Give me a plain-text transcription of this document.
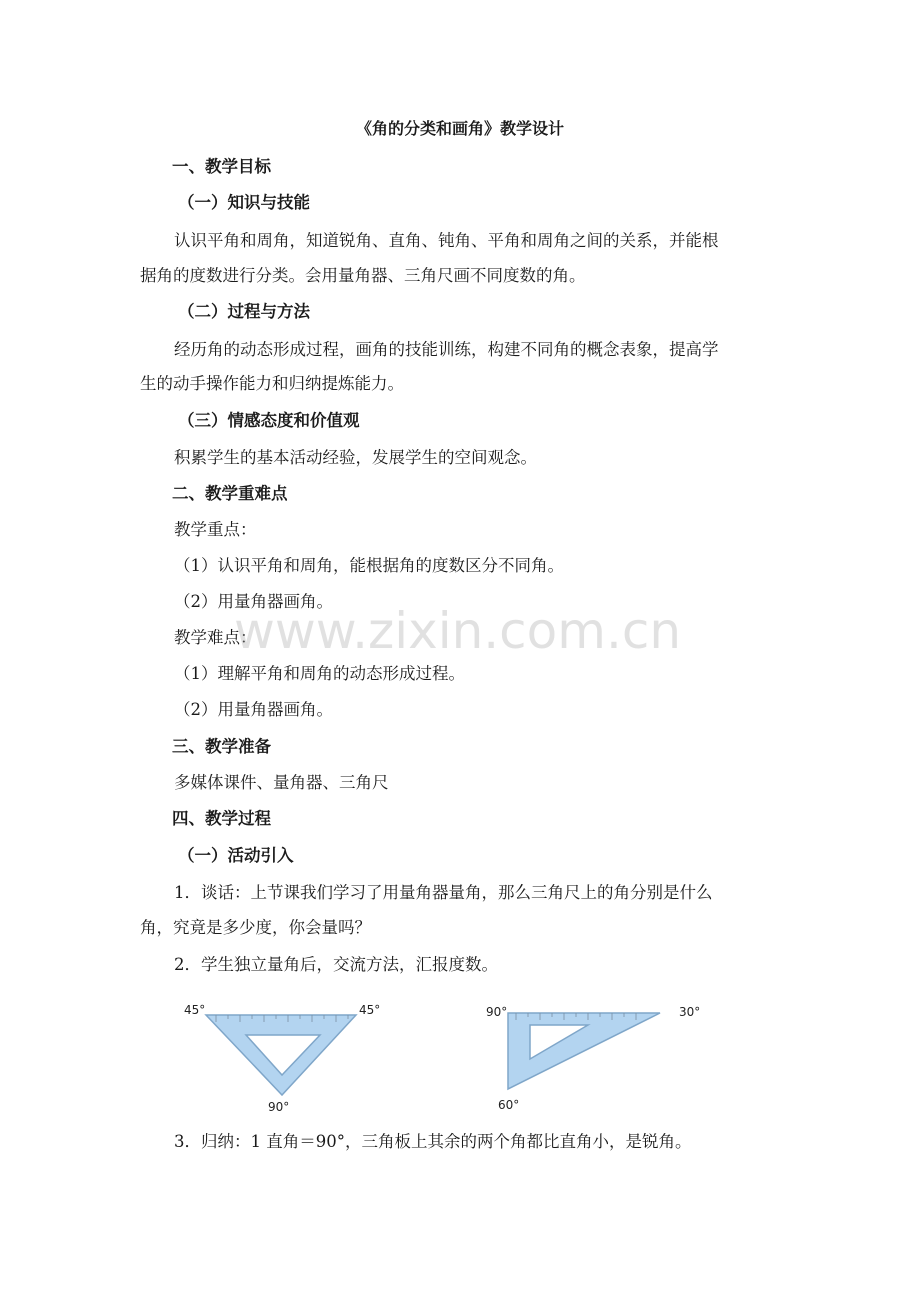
《角的分类和画角》教学设计
一、教学目标
（一）知识与技能
认识平角和周角，知道锐角、直角、钝角、平角和周角之间的关系，并能根
据角的度数进行分类。会用量角器、三角尺画不同度数的角。
（二）过程与方法
经历角的动态形成过程，画角的技能训练，构建不同角的概念表象，提高学
生的动手操作能力和归纳提炼能力。
（三）情感态度和价值观
积累学生的基本活动经验，发展学生的空间观念。
二、教学重难点
教学重点：
（1）认识平角和周角，能根据角的度数区分不同角。
（2）用量角器画角。
教学难点：
（1）理解平角和周角的动态形成过程。
（2）用量角器画角。
三、教学准备
多媒体课件、量角器、三角尺
四、教学过程
（一）活动引入
1．谈话：上节课我们学习了用量角器量角，那么三角尺上的角分别是什么
角，究竟是多少度，你会量吗？
2．学生独立量角后，交流方法，汇报度数。
45°	45°
90°
90°	30°
60°
3．归纳：1 直角＝90°，三角板上其余的两个角都比直角小，是锐角。
www.zixin.com.cn
